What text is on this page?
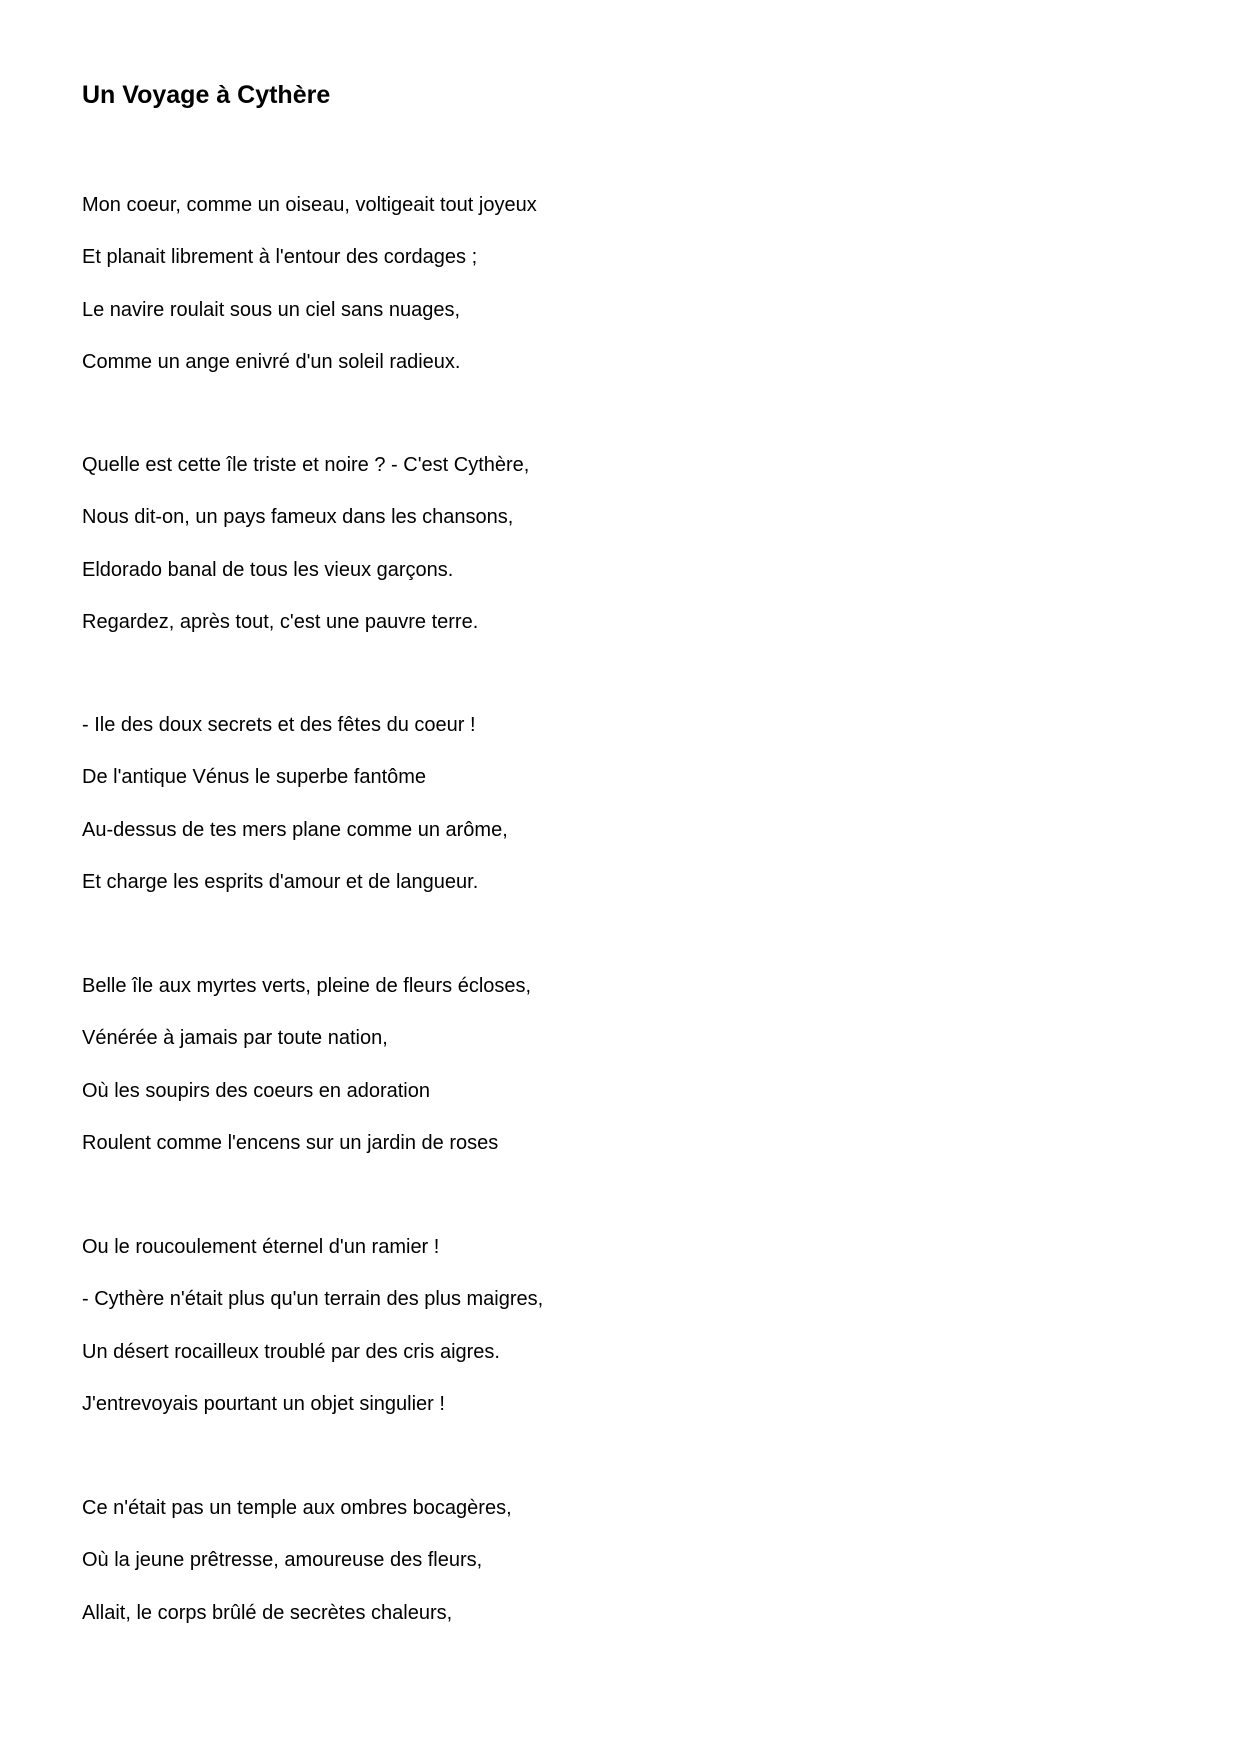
Un Voyage à Cythère
Mon coeur, comme un oiseau, voltigeait tout joyeux
Et planait librement à l'entour des cordages ;
Le navire roulait sous un ciel sans nuages,
Comme un ange enivré d'un soleil radieux.
Quelle est cette île triste et noire ? - C'est Cythère,
Nous dit-on, un pays fameux dans les chansons,
Eldorado banal de tous les vieux garçons.
Regardez, après tout, c'est une pauvre terre.
- Ile des doux secrets et des fêtes du coeur !
De l'antique Vénus le superbe fantôme
Au-dessus de tes mers plane comme un arôme,
Et charge les esprits d'amour et de langueur.
Belle île aux myrtes verts, pleine de fleurs écloses,
Vénérée à jamais par toute nation,
Où les soupirs des coeurs en adoration
Roulent comme l'encens sur un jardin de roses
Ou le roucoulement éternel d'un ramier !
- Cythère n'était plus qu'un terrain des plus maigres,
Un désert rocailleux troublé par des cris aigres.
J'entrevoyais pourtant un objet singulier !
Ce n'était pas un temple aux ombres bocagères,
Où la jeune prêtresse, amoureuse des fleurs,
Allait, le corps brûlé de secrètes chaleurs,
